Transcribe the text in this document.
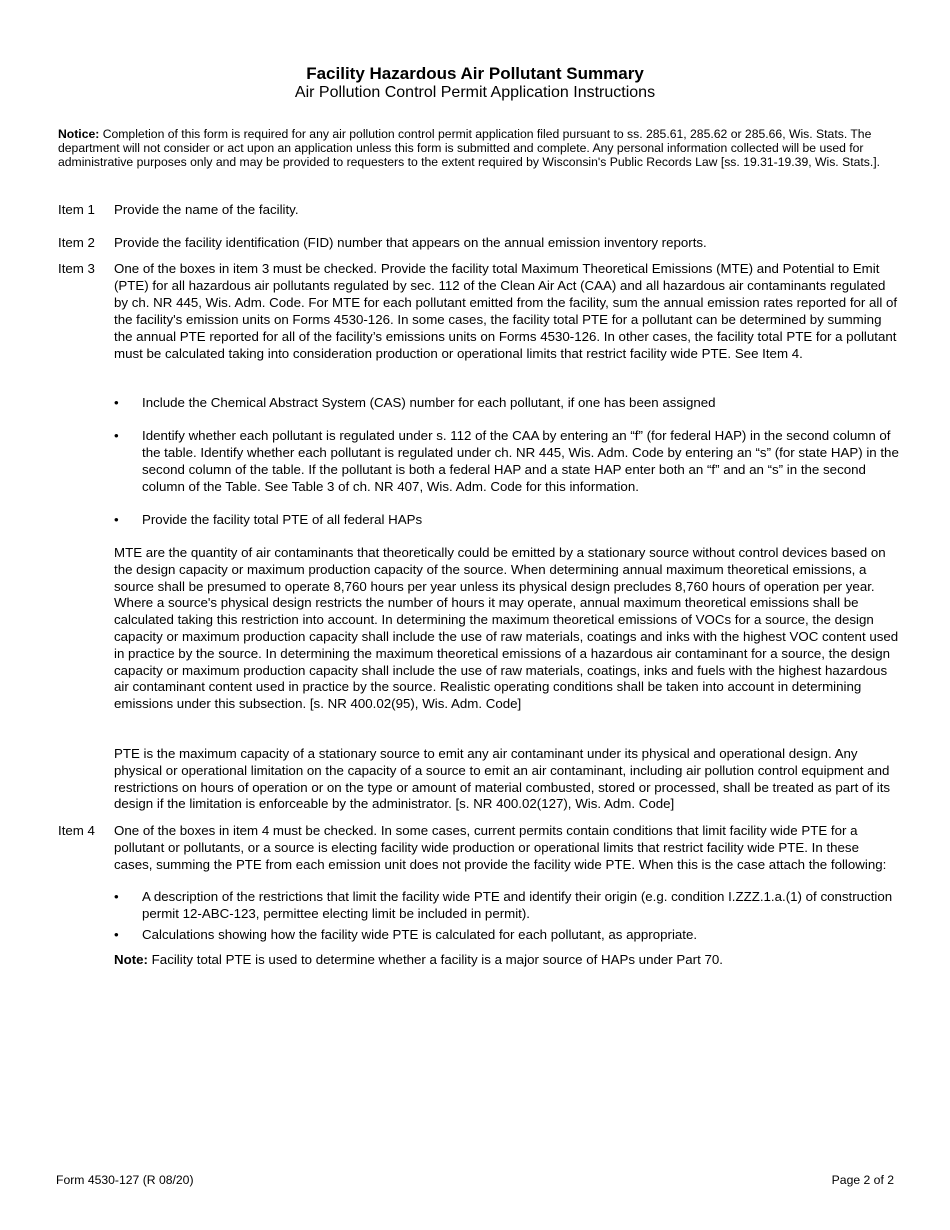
Facility Hazardous Air Pollutant Summary
Air Pollution Control Permit Application Instructions
Notice: Completion of this form is required for any air pollution control permit application filed pursuant to ss. 285.61, 285.62 or 285.66, Wis. Stats. The department will not consider or act upon an application unless this form is submitted and complete. Any personal information collected will be used for administrative purposes only and may be provided to requesters to the extent required by Wisconsin's Public Records Law [ss. 19.31-19.39, Wis. Stats.].
Item 1 Provide the name of the facility.
Item 2 Provide the facility identification (FID) number that appears on the annual emission inventory reports.
Item 3 One of the boxes in item 3 must be checked. Provide the facility total Maximum Theoretical Emissions (MTE) and Potential to Emit (PTE) for all hazardous air pollutants regulated by sec. 112 of the Clean Air Act (CAA) and all hazardous air contaminants regulated by ch. NR 445, Wis. Adm. Code. For MTE for each pollutant emitted from the facility, sum the annual emission rates reported for all of the facility's emission units on Forms 4530-126. In some cases, the facility total PTE for a pollutant can be determined by summing the annual PTE reported for all of the facility’s emissions units on Forms 4530-126. In other cases, the facility total PTE for a pollutant must be calculated taking into consideration production or operational limits that restrict facility wide PTE. See Item 4.
• Include the Chemical Abstract System (CAS) number for each pollutant, if one has been assigned
• Identify whether each pollutant is regulated under s. 112 of the CAA by entering an “f” (for federal HAP) in the second column of the table. Identify whether each pollutant is regulated under ch. NR 445, Wis. Adm. Code by entering an “s” (for state HAP) in the second column of the table. If the pollutant is both a federal HAP and a state HAP enter both an “f” and an “s” in the second column of the Table. See Table 3 of ch. NR 407, Wis. Adm. Code for this information.
• Provide the facility total PTE of all federal HAPs
MTE are the quantity of air contaminants that theoretically could be emitted by a stationary source without control devices based on the design capacity or maximum production capacity of the source. When determining annual maximum theoretical emissions, a source shall be presumed to operate 8,760 hours per year unless its physical design precludes 8,760 hours of operation per year. Where a source's physical design restricts the number of hours it may operate, annual maximum theoretical emissions shall be calculated taking this restriction into account. In determining the maximum theoretical emissions of VOCs for a source, the design capacity or maximum production capacity shall include the use of raw materials, coatings and inks with the highest VOC content used in practice by the source. In determining the maximum theoretical emissions of a hazardous air contaminant for a source, the design capacity or maximum production capacity shall include the use of raw materials, coatings, inks and fuels with the highest hazardous air contaminant content used in practice by the source. Realistic operating conditions shall be taken into account in determining emissions under this subsection. [s. NR 400.02(95), Wis. Adm. Code]
PTE is the maximum capacity of a stationary source to emit any air contaminant under its physical and operational design. Any physical or operational limitation on the capacity of a source to emit an air contaminant, including air pollution control equipment and restrictions on hours of operation or on the type or amount of material combusted, stored or processed, shall be treated as part of its design if the limitation is enforceable by the administrator. [s. NR 400.02(127), Wis. Adm. Code]
Item 4 One of the boxes in item 4 must be checked. In some cases, current permits contain conditions that limit facility wide PTE for a pollutant or pollutants, or a source is electing facility wide production or operational limits that restrict facility wide PTE. In these cases, summing the PTE from each emission unit does not provide the facility wide PTE. When this is the case attach the following:
• A description of the restrictions that limit the facility wide PTE and identify their origin (e.g. condition I.ZZZ.1.a.(1) of construction permit 12-ABC-123, permittee electing limit be included in permit).
• Calculations showing how the facility wide PTE is calculated for each pollutant, as appropriate.
Note: Facility total PTE is used to determine whether a facility is a major source of HAPs under Part 70.
Form 4530-127 (R 08/20)	Page 2 of 2
